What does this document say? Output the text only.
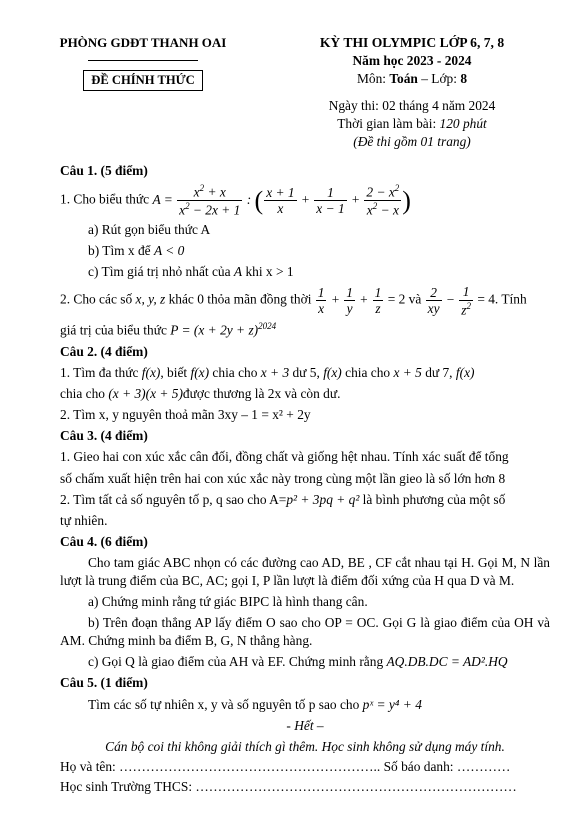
PHÒNG GDĐT THANH OAI
ĐỀ CHÍNH THỨC
KỲ THI OLYMPIC LỚP 6, 7, 8
Năm học 2023 - 2024
Môn: Toán – Lớp: 8
Ngày thi: 02 tháng 4 năm 2024
Thời gian làm bài: 120 phút
(Đề thi gồm 01 trang)
Câu 1. (5 điểm)
1. Cho biểu thức $A = \frac{x^2 + x}{x^2 - 2x + 1}$ : ( $\frac{x + 1}{x} + \frac{1}{x - 1} + \frac{2 - x^2}{x^2 - x}$ )
a) Rút gọn biểu thức A
b) Tìm x để A < 0
c) Tìm giá trị nhỏ nhất của A khi x > 1
2. Cho các số x, y, z khác 0 thỏa mãn đồng thời $\frac{1}{x} + \frac{1}{y} + \frac{1}{z} = 2$ và $\frac{2}{xy} - \frac{1}{z^2} = 4$. Tính
giá trị của biểu thức $P = (x + 2y + z)^{2024}$
Câu 2. (4 điểm)
1. Tìm đa thức f(x), biết f(x) chia cho x + 3 dư 5, f(x) chia cho x + 5 dư 7, f(x)
chia cho (x + 3)(x + 5)được thương là 2x và còn dư.
2. Tìm x, y nguyên thoả mãn 3xy – 1 = x² + 2y
Câu 3. (4 điểm)
1. Gieo hai con xúc xắc cân đối, đồng chất và giống hệt nhau. Tính xác suất để tổng
số chấm xuất hiện trên hai con xúc xắc này trong cùng một lần gieo là số lớn hơn 8
2. Tìm tất cả số nguyên tố p, q sao cho A=p² + 3pq + q² là bình phương của một số
tự nhiên.
Câu 4. (6 điểm)
Cho tam giác ABC nhọn có các đường cao AD, BE , CF cắt nhau tại H. Gọi M, N lần lượt là trung điểm của BC, AC; gọi I, P lần lượt là điểm đối xứng của H qua D và M.
a) Chứng minh rằng tứ giác BIPC là hình thang cân.
b) Trên đoạn thẳng AP lấy điểm O sao cho OP = OC. Gọi G là giao điểm của OH và AM. Chứng minh ba điểm B, G, N thẳng hàng.
c) Gọi Q là giao điểm của AH và EF. Chứng minh rằng AQ.DB.DC = AD².HQ
Câu 5. (1 điểm)
Tìm các số tự nhiên x, y và số nguyên tố p sao cho pˣ = y⁴ + 4
- Hết –
Cán bộ coi thi không giải thích gì thêm. Học sinh không sử dụng máy tính.
Họ và tên: ………………………………………………….. Số báo danh: …………
Học sinh Trường THCS: ………………………………………………………………
